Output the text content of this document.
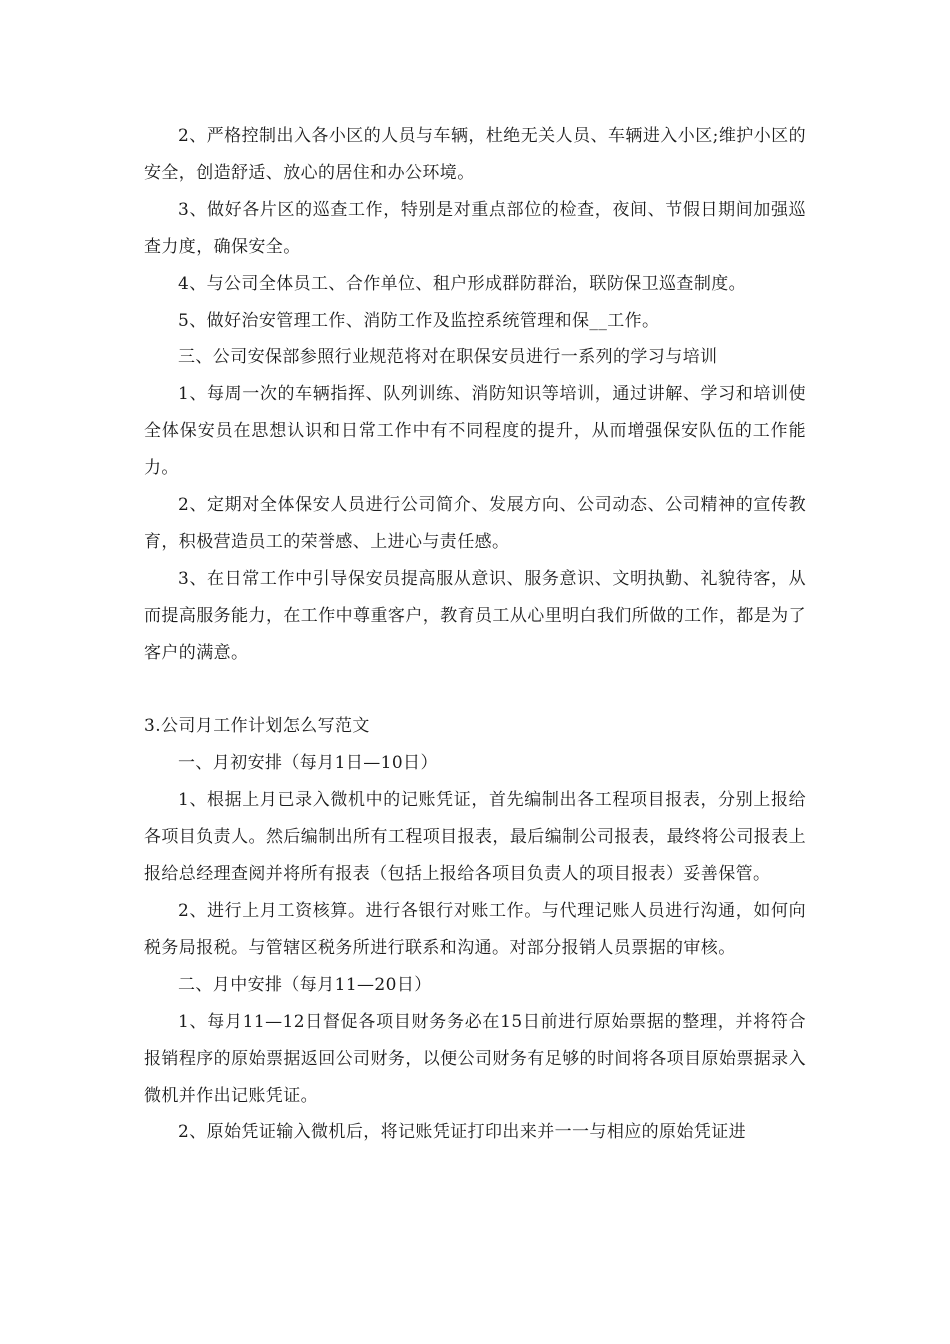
2、严格控制出入各小区的人员与车辆，杜绝无关人员、车辆进入小区;维护小区的安全，创造舒适、放心的居住和办公环境。

3、做好各片区的巡查工作，特别是对重点部位的检查，夜间、节假日期间加强巡查力度，确保安全。

4、与公司全体员工、合作单位、租户形成群防群治，联防保卫巡查制度。

5、做好治安管理工作、消防工作及监控系统管理和保__工作。

三、公司安保部参照行业规范将对在职保安员进行一系列的学习与培训

1、每周一次的车辆指挥、队列训练、消防知识等培训，通过讲解、学习和培训使全体保安员在思想认识和日常工作中有不同程度的提升，从而增强保安队伍的工作能力。

2、定期对全体保安人员进行公司简介、发展方向、公司动态、公司精神的宣传教育，积极营造员工的荣誉感、上进心与责任感。

3、在日常工作中引导保安员提高服从意识、服务意识、文明执勤、礼貌待客，从而提高服务能力，在工作中尊重客户，教育员工从心里明白我们所做的工作，都是为了客户的满意。

3.公司月工作计划怎么写范文

一、月初安排（每月1日—10日）

1、根据上月已录入微机中的记账凭证，首先编制出各工程项目报表，分别上报给各项目负责人。然后编制出所有工程项目报表，最后编制公司报表，最终将公司报表上报给总经理查阅并将所有报表（包括上报给各项目负责人的项目报表）妥善保管。

2、进行上月工资核算。进行各银行对账工作。与代理记账人员进行沟通，如何向税务局报税。与管辖区税务所进行联系和沟通。对部分报销人员票据的审核。

二、月中安排（每月11—20日）

1、每月11—12日督促各项目财务务必在15日前进行原始票据的整理，并将符合报销程序的原始票据返回公司财务，以便公司财务有足够的时间将各项目原始票据录入微机并作出记账凭证。

2、原始凭证输入微机后，将记账凭证打印出来并一一与相应的原始凭证进
